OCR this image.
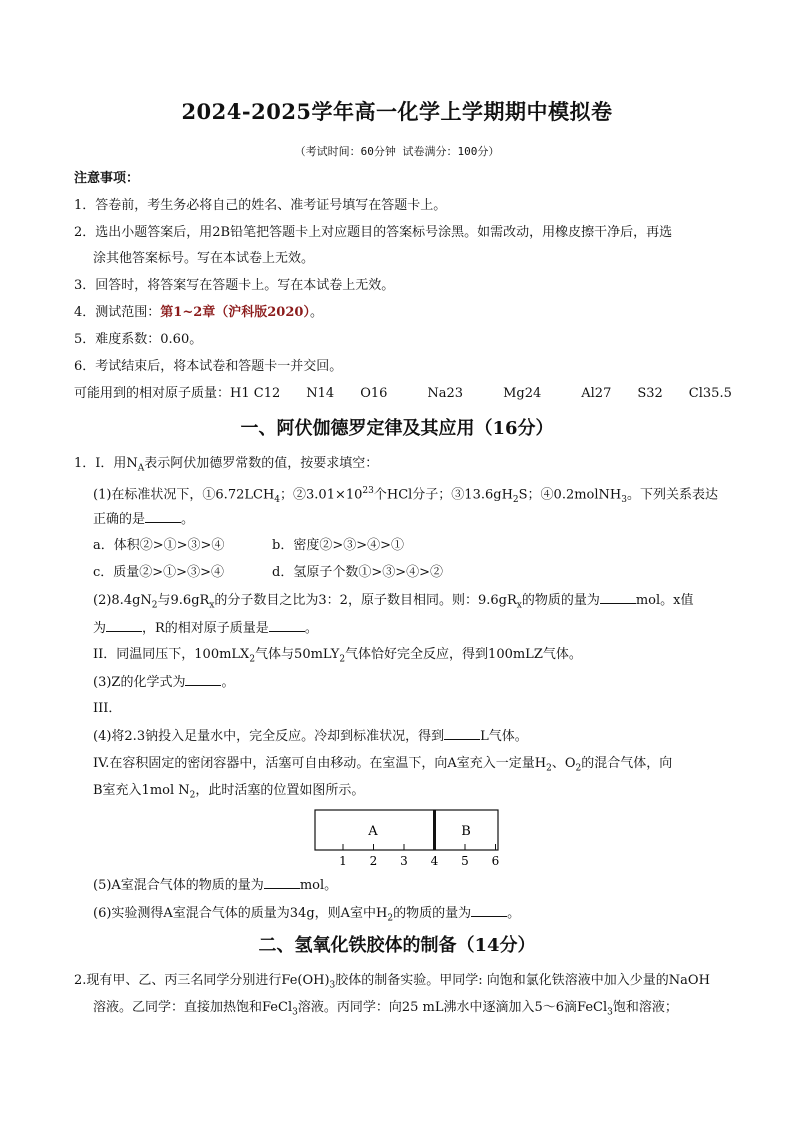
2024-2025学年高一化学上学期期中模拟卷
（考试时间：60分钟 试卷满分：100分）
注意事项：
1．答卷前，考生务必将自己的姓名、准考证号填写在答题卡上。
2．选出小题答案后，用2B铅笔把答题卡上对应题目的答案标号涂黑。如需改动，用橡皮擦干净后，再选
涂其他答案标号。写在本试卷上无效。
3．回答时，将答案写在答题卡上。写在本试卷上无效。
4．测试范围：第1~2章（沪科版2020）。
5．难度系数：0.60。
6．考试结束后，将本试卷和答题卡一并交回。
可能用到的相对原子质量：H1 C12 N14 O16	Na23	Mg24	Al27 S32 Cl35.5
一、阿伏伽德罗定律及其应用（16分）
1．I．用$N_A$表示阿伏加德罗常数的值，按要求填空：
(1)在标准状况下，$①6.72LCH_4$；$②3.01\times 10^{23}$个HCl分子；$③13.6gH_2S$；④0.2molNH$_3$。下列关系表达
正确的是	。
a．体积②>①>③>④	b．密度②>③>④>①
c．质量②>①>③>④	d．氢原子个数①>③>④>②
$(2)8.4gN_2$与$9.6gR_x$的分子数目之比为3：2，原子数目相同。则：$9.6gR_x$的物质的量为	mol。x值
为	，R的相对原子质量是	。
II．同温同压下，100mLX$_2$气体与50mLY$_2$气体恰好完全反应，得到100mLZ气体。
(3)Z的化学式为	。
III．
(4)将2.3钠投入足量水中，完全反应。冷却到标准状况，得到	L气体。
IV.在容积固定的密闭容器中，活塞可自由移动。在室温下，向A室充入一定量$H_2$、$O_2$的混合气体，向
B室充入1mol $N_2$，此时活塞的位置如图所示。
A	B
1 2 3 4 5 6
(5)A室混合气体的物质的量为	mol。
(6)实验测得A室混合气体的质量为34g，则A室中$H_2$的物质的量为	。
二、氢氧化铁胶体的制备（14分）
2.现有甲、乙、丙三名同学分别进行$Fe(OH)_3$胶体的制备实验。甲同学: 向饱和氯化铁溶液中加入少量的NaOH
溶液。乙同学：直接加热饱和FeCl$_3$溶液。丙同学：向25 mL沸水中逐滴加入5～6滴FeCl$_3$饱和溶液；
